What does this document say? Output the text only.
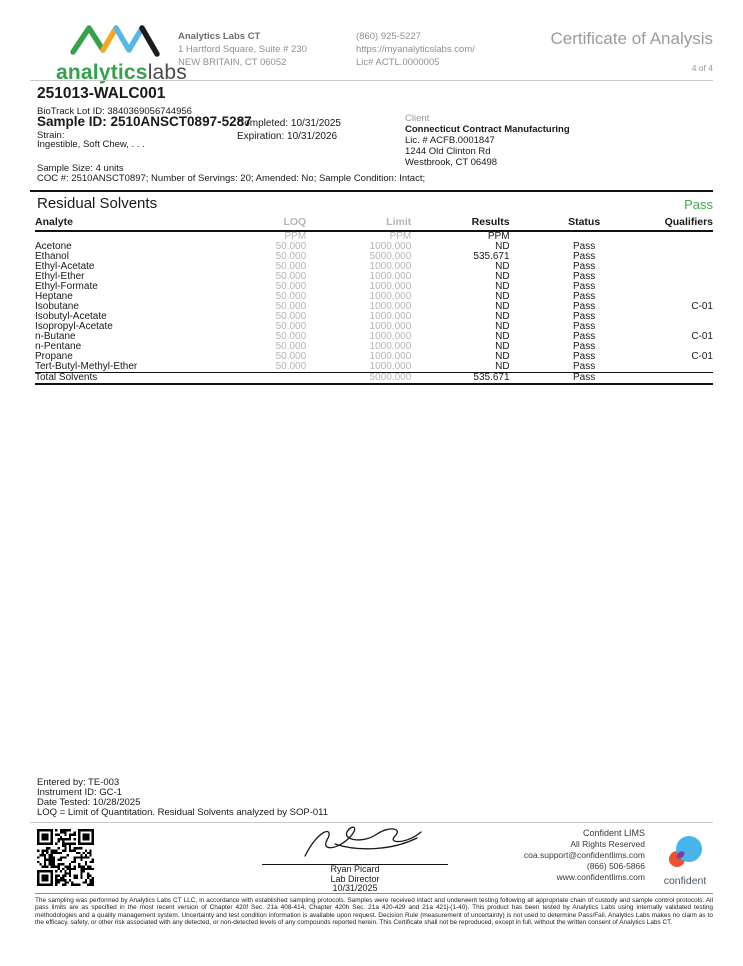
analyticslabs
Analytics Labs CT
1 Hartford Square, Suite # 230
NEW BRITAIN, CT 06052
(860) 925-5227
https://myanalyticslabs.com/
Lic# ACTL.0000005
Certificate of Analysis
4 of 4
251013-WALC001
BioTrack Lot ID: 3840369056744956
Sample ID: 2510ANSCT0897-5287
Completed: 10/31/2025
Expiration: 10/31/2026
Strain:
Ingestible, Soft Chew, . . .
Client
Connecticut Contract Manufacturing
Lic. # ACFB.0001847
1244 Old Clinton Rd
Westbrook, CT 06498
Sample Size: 4 units
COC #: 2510ANSCT0897; Number of Servings: 20; Amended: No; Sample Condition: Intact;
Residual Solvents	Pass
Analyte	LOQ	Limit	Results	Status	Qualifiers
	PPM	PPM	PPM		
Acetone	50.000	1000.000	ND	Pass	
Ethanol	50.000	5000.000	535.671	Pass	
Ethyl-Acetate	50.000	1000.000	ND	Pass	
Ethyl-Ether	50.000	1000.000	ND	Pass	
Ethyl-Formate	50.000	1000.000	ND	Pass	
Heptane	50.000	1000.000	ND	Pass	
Isobutane	50.000	1000.000	ND	Pass	C-01
Isobutyl-Acetate	50.000	1000.000	ND	Pass	
Isopropyl-Acetate	50.000	1000.000	ND	Pass	
n-Butane	50.000	1000.000	ND	Pass	C-01
n-Pentane	50.000	1000.000	ND	Pass	
Propane	50.000	1000.000	ND	Pass	C-01
Tert-Butyl-Methyl-Ether	50.000	1000.000	ND	Pass	
Total Solvents		5000.000	535.671	Pass	
Entered by: TE-003
Instrument ID: GC-1
Date Tested: 10/28/2025
LOQ = Limit of Quantitation. Residual Solvents analyzed by SOP-011
Ryan Picard
Lab Director
10/31/2025
Confident LIMS
All Rights Reserved
coa.support@confidentlims.com
(866) 506-5866
www.confidentlims.com	confident
The sampling was performed by Analytics Labs CT LLC, in accordance with established sampling protocols. Samples were received intact and underwent testing following all appropriate chain of custody and sample control protocols. All pass limits are as specified in the most recent version of Chapter 420f Sec. 21a 408-414, Chapter 420h Sec. 21a 420-429 and 21a 421j-(1-40). This product has been tested by Analytics Labs using internally validated testing methodologies and a quality management system. Uncertainty and test condition information is available upon request. Decision Rule (measurement of uncertainty) is not used to determine Pass/Fail. Analytics Labs makes no claim as to the efficacy, safety, or other risk associated with any detected, or non-detected levels of any compounds reported herein. This Certificate shall not be reproduced, except in full, without the written consent of Analytics Labs CT.
